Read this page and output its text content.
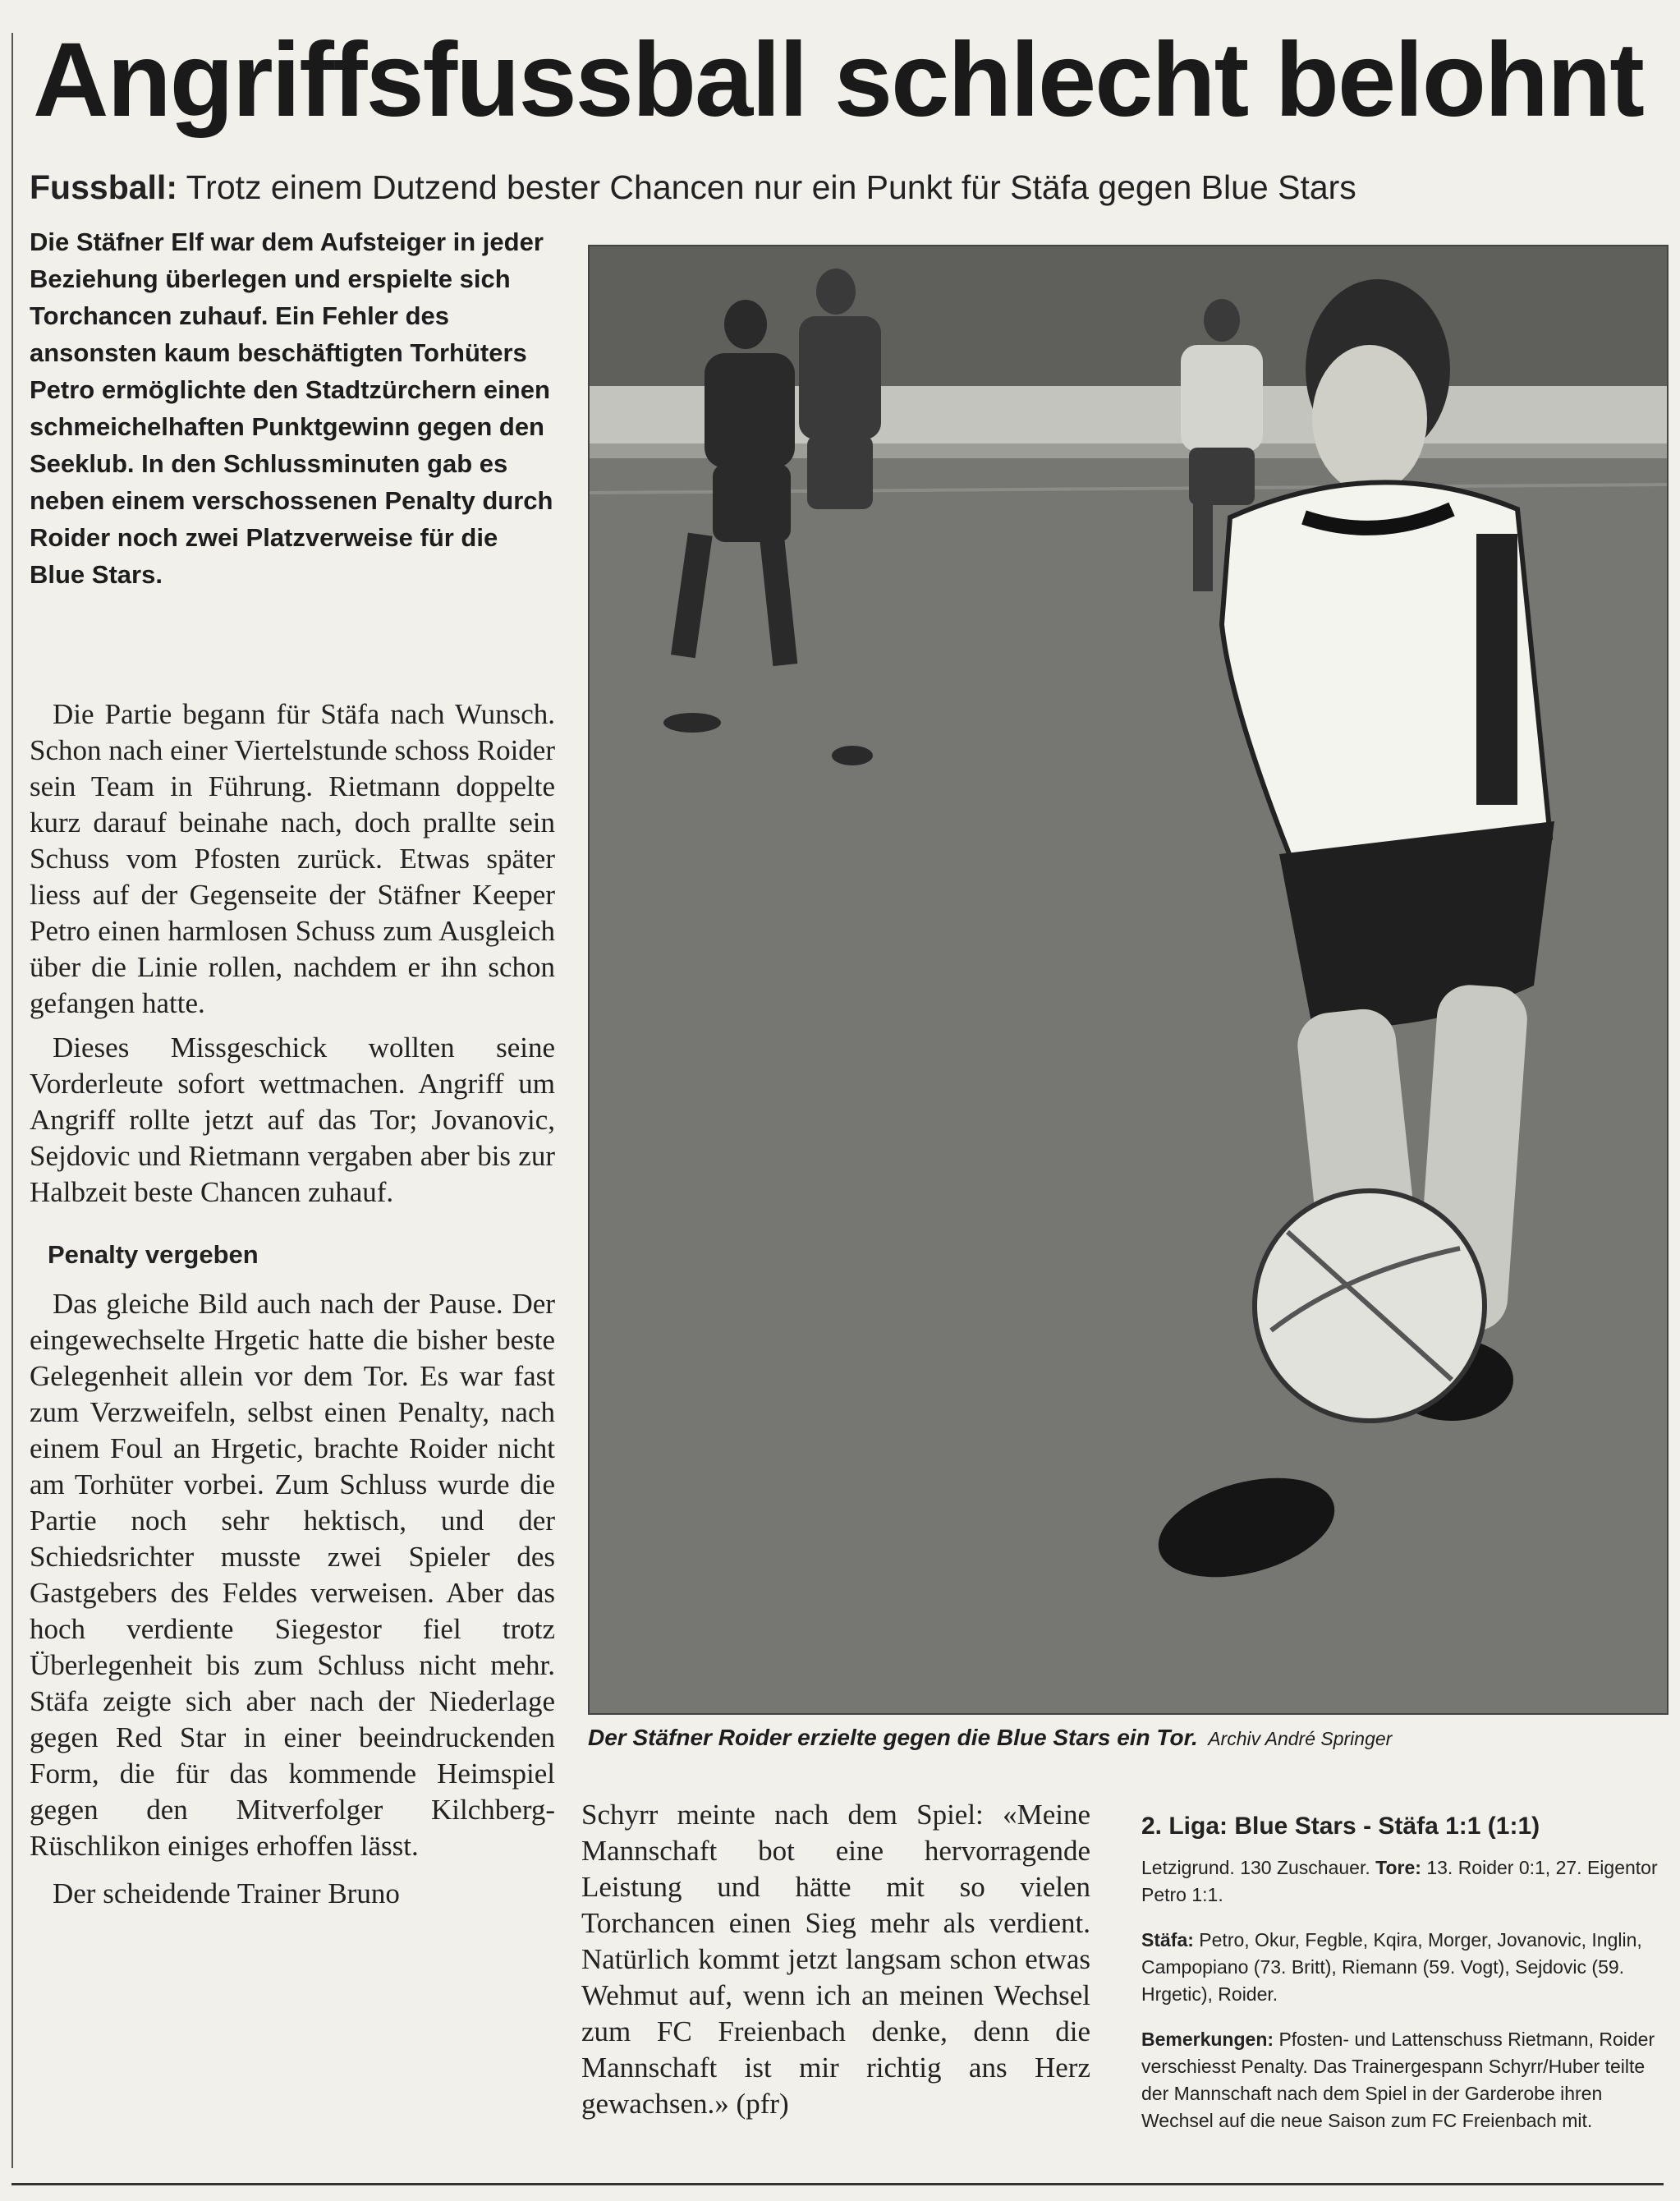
Angriffsfussball schlecht belohnt
Fussball: Trotz einem Dutzend bester Chancen nur ein Punkt für Stäfa gegen Blue Stars
Die Stäfner Elf war dem Aufsteiger in jeder Beziehung überlegen und erspielte sich Torchancen zuhauf. Ein Fehler des ansonsten kaum beschäftigten Torhüters Petro ermöglichte den Stadtzürchern einen schmeichelhaften Punktgewinn gegen den Seeklub. In den Schlussminuten gab es neben einem verschossenen Penalty durch Roider noch zwei Platzverweise für die Blue Stars.

Die Partie begann für Stäfa nach Wunsch. Schon nach einer Viertelstunde schoss Roider sein Team in Führung. Rietmann doppelte kurz darauf beinahe nach, doch prallte sein Schuss vom Pfosten zurück. Etwas später liess auf der Gegenseite der Stäfner Keeper Petro einen harmlosen Schuss zum Ausgleich über die Linie rollen, nachdem er ihn schon gefangen hatte.

Dieses Missgeschick wollten seine Vorderleute sofort wettmachen. Angriff um Angriff rollte jetzt auf das Tor; Jovanovic, Sejdovic und Rietmann vergaben aber bis zur Halbzeit beste Chancen zuhauf.

Penalty vergeben

Das gleiche Bild auch nach der Pause. Der eingewechselte Hrgetic hatte die bisher beste Gelegenheit allein vor dem Tor. Es war fast zum Verzweifeln, selbst einen Penalty, nach einem Foul an Hrgetic, brachte Roider nicht am Torhüter vorbei. Zum Schluss wurde die Partie noch sehr hektisch, und der Schiedsrichter musste zwei Spieler des Gastgebers des Feldes verweisen. Aber das hoch verdiente Siegestor fiel trotz Überlegenheit bis zum Schluss nicht mehr. Stäfa zeigte sich aber nach der Niederlage gegen Red Star in einer beeindruckenden Form, die für das kommende Heimspiel gegen den Mitverfolger Kilchberg-Rüschlikon einiges erhoffen lässt.

Der scheidende Trainer Bruno

Der Stäfner Roider erzielte gegen die Blue Stars ein Tor. Archiv André Springer

Schyrr meinte nach dem Spiel: «Meine Mannschaft bot eine hervorragende Leistung und hätte mit so vielen Torchancen einen Sieg mehr als verdient. Natürlich kommt jetzt langsam schon etwas Wehmut auf, wenn ich an meinen Wechsel zum FC Freienbach denke, denn die Mannschaft ist mir richtig ans Herz gewachsen.» (pfr)

2. Liga: Blue Stars - Stäfa 1:1 (1:1)

Letzigrund. 130 Zuschauer. Tore: 13. Roider 0:1, 27. Eigentor Petro 1:1.

Stäfa: Petro, Okur, Fegble, Kqira, Morger, Jovanovic, Inglin, Campopiano (73. Britt), Riemann (59. Vogt), Sejdovic (59. Hrgetic), Roider.

Bemerkungen: Pfosten- und Lattenschuss Rietmann, Roider verschiesst Penalty. Das Trainergespann Schyrr/Huber teilte der Mannschaft nach dem Spiel in der Garderobe ihren Wechsel auf die neue Saison zum FC Freienbach mit.
